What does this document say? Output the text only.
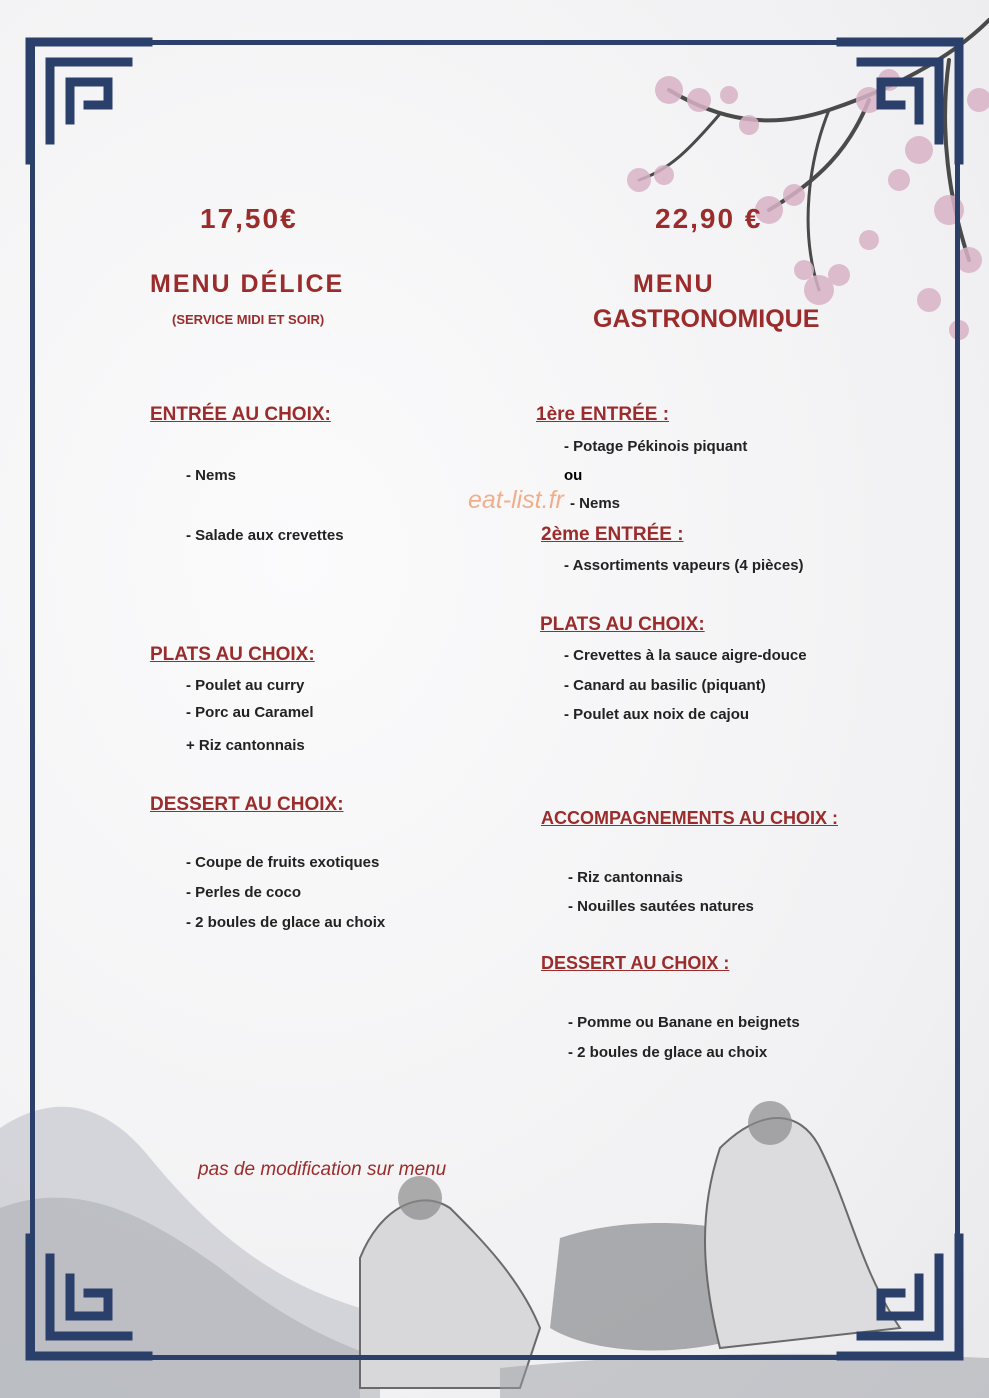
17,50€
MENU DÉLICE
(SERVICE MIDI ET SOIR)
ENTRÉE AU CHOIX:
- Nems
- Salade aux crevettes
PLATS AU CHOIX:
- Poulet au curry
- Porc au Caramel
+ Riz cantonnais
DESSERT AU CHOIX:
- Coupe de fruits exotiques
- Perles de coco
- 2 boules de glace au choix
22,90 €
MENU
GASTRONOMIQUE
1ère ENTRÉE :
- Potage Pékinois piquant
ou
- Nems
2ème ENTRÉE :
- Assortiments vapeurs (4 pièces)
PLATS AU CHOIX:
- Crevettes à la sauce aigre-douce
- Canard au basilic (piquant)
- Poulet aux noix de cajou
ACCOMPAGNEMENTS AU CHOIX :
- Riz cantonnais
- Nouilles sautées natures
DESSERT AU CHOIX :
- Pomme ou Banane en beignets
- 2 boules de glace au choix
eat-list.fr
pas de modification sur menu
